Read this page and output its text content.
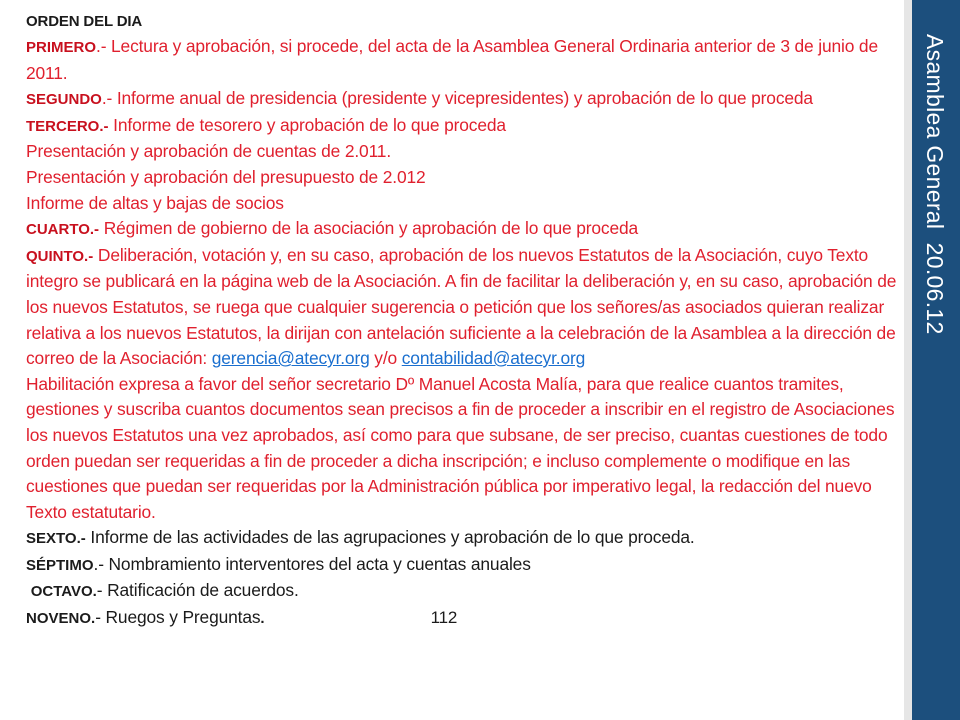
ORDEN DEL DIA

PRIMERO.- Lectura y aprobación, si procede, del acta de la Asamblea General Ordinaria anterior de 3 de junio de 2011.

SEGUNDO.- Informe anual de presidencia (presidente y vicepresidentes) y aprobación de lo que proceda

TERCERO.- Informe de tesorero y aprobación de lo que proceda

Presentación y aprobación de cuentas de 2.011.

Presentación y aprobación del presupuesto de 2.012

Informe de altas y bajas de socios

CUARTO.- Régimen de gobierno de la asociación y aprobación de lo que proceda

QUINTO.- Deliberación, votación y, en su caso, aprobación de los nuevos Estatutos de la Asociación, cuyo Texto integro se publicará en la página web de la Asociación. A fin de facilitar la deliberación y, en su caso, aprobación de los nuevos Estatutos, se ruega que cualquier sugerencia o petición que los señores/as asociados quieran realizar relativa a los nuevos Estatutos, la dirijan con antelación suficiente a la celebración de la Asamblea a la dirección de correo de la Asociación: gerencia@atecyr.org y/o contabilidad@atecyr.org

Habilitación expresa a favor del señor secretario Dº Manuel Acosta Malía, para que realice cuantos tramites, gestiones y suscriba cuantos documentos sean precisos a fin de proceder a inscribir en el registro de Asociaciones los nuevos Estatutos una vez aprobados, así como para que subsane, de ser preciso, cuantas cuestiones de todo orden puedan ser requeridas a fin de proceder a dicha inscripción; e incluso complemente o modifique en las cuestiones que puedan ser requeridas por la Administración pública por imperativo legal, la redacción del nuevo Texto estatutario.

SEXTO.- Informe de las actividades de las agrupaciones y aprobación de lo que proceda.

SÉPTIMO.- Nombramiento interventores del acta y cuentas anuales

OCTAVO.- Ratificación de acuerdos.

NOVENO.- Ruegos y Preguntas.	112

Asamblea General  20.06.12
